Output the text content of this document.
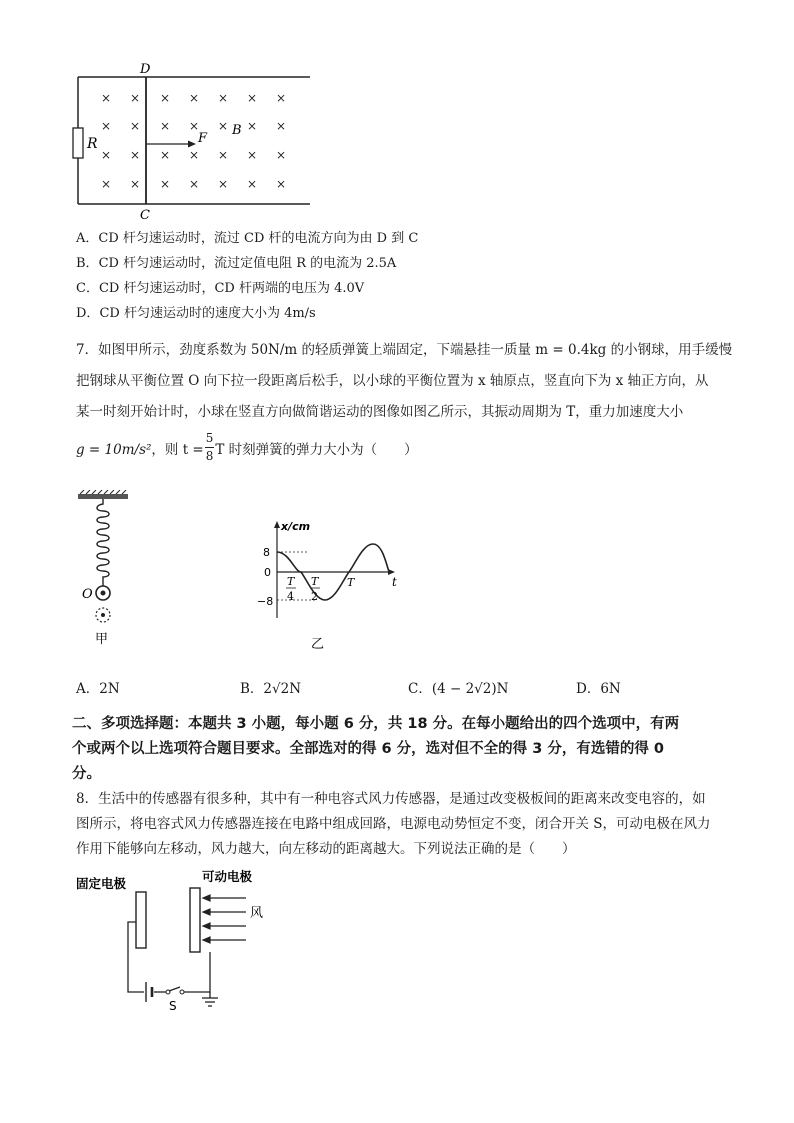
R
D
C
F
B
× × × × × × ×
× × × × × × ×
× × × × × × ×
× × × × × × ×
A．CD 杆匀速运动时，流过 CD 杆的电流方向为由 D 到 C
B．CD 杆匀速运动时，流过定值电阻 R 的电流为 2.5A
C．CD 杆匀速运动时，CD 杆两端的电压为 4.0V
D．CD 杆匀速运动时的速度大小为 4m/s
7．如图甲所示，劲度系数为 50N/m 的轻质弹簧上端固定，下端悬挂一质量 m = 0.4kg 的小钢球，用手缓慢
把钢球从平衡位置 O 向下拉一段距离后松手，以小球的平衡位置为 x 轴原点，竖直向下为 x 轴正方向，从
某一时刻开始计时，小球在竖直方向做简谐运动的图像如图乙所示，其振动周期为 T，重力加速度大小
g = 10m/s²，则 $t = \frac{5}{8}$ T 时刻弹簧的弹力大小为（　　）
O
甲
x/cm
t
8
0
−8
T
4
T
2
T
乙
A．2N	B．2√2N	C．(4 − 2√2)N	D．6N
二、多项选择题：本题共 3 小题，每小题 6 分，共 18 分。在每小题给出的四个选项中，有两
个或两个以上选项符合题目要求。全部选对的得 6 分，选对但不全的得 3 分，有选错的得 0
分。
8．生活中的传感器有很多种，其中有一种电容式风力传感器，是通过改变极板间的距离来改变电容的，如
图所示，将电容式风力传感器连接在电路中组成回路，电源电动势恒定不变，闭合开关 S，可动电极在风力
作用下能够向左移动，风力越大，向左移动的距离越大。下列说法正确的是（　　）
固定电极	可动电极
风
S
